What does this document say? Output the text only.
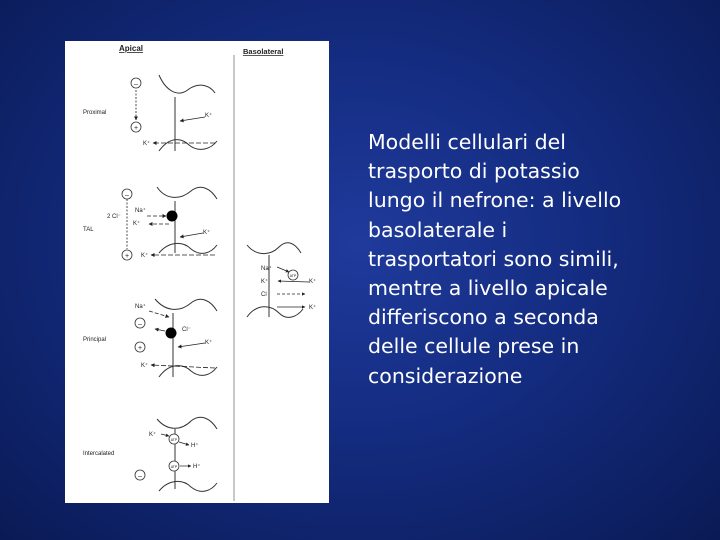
Apical	Basolateral
Proximal
–
+
K⁺
K⁺
TAL
–
+
Na⁺
2 Cl⁻
K⁺
K⁺
K⁺
Na⁺
K⁺
Cl
ATP
K⁺
K⁺
Principal
Na⁺
–
Cl⁻
+
K⁺
K⁺
Intercalated
K⁺
ATP
H⁺
ATP	H⁺
–
Modelli cellulari del
trasporto di potassio
lungo il nefrone: a livello
basolaterale i
trasportatori sono simili,
mentre a livello apicale
differiscono a seconda
delle cellule prese in
considerazione
